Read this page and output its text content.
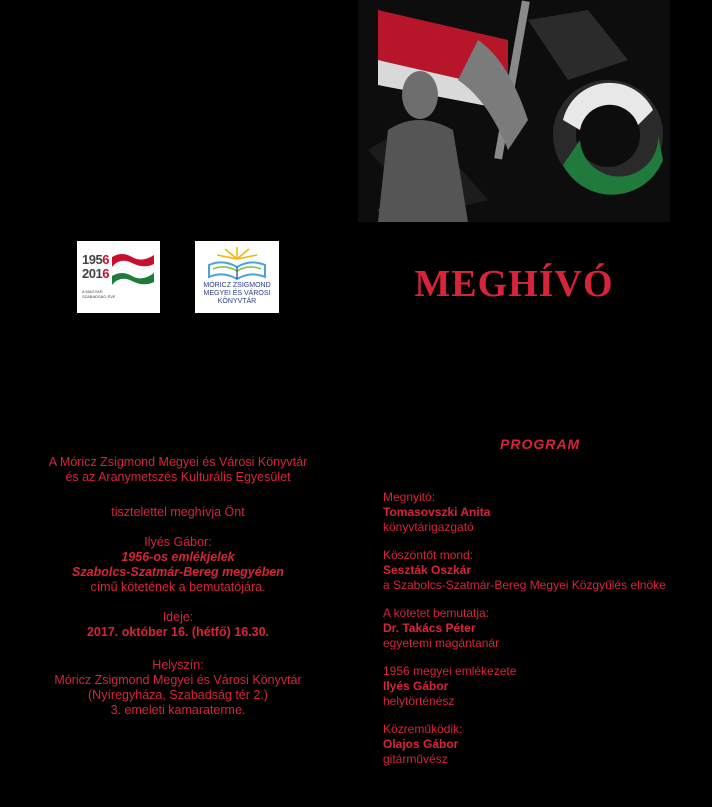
1956
2016
A MAGYAR SZABADSÁG ÉVE
MÓRICZ ZSIGMOND
MEGYEI ÉS VÁROSI
KÖNYVTÁR	MEGHÍVÓ

A Móricz Zsigmond Megyei és Városi Könyvtár

és az Aranymetszés Kulturális Egyesület

tisztelettel meghívja Önt

Ilyés Gábor:

1956-os emlékjelek

Szabolcs-Szatmár-Bereg megyében

című kötetének a bemutatójára.

Ideje:

2017. október 16. (hétfő) 16.30.

Helyszín:

Móricz Zsigmond Megyei és Városi Könyvtár

(Nyíregyháza, Szabadság tér 2.)

3. emeleti kamaraterme.

PROGRAM

Megnyitó:

Tomasovszki Anita

könyvtárigazgató

Köszöntőt mond:

Seszták Oszkár

a Szabolcs-Szatmár-Bereg Megyei Közgyűlés elnöke

A kötetet bemutatja:

Dr. Takács Péter

egyetemi magántanár

1956 megyei emlékezete

Ilyés Gábor

helytörténész

Közreműködik:

Olajos Gábor

gitárművész
